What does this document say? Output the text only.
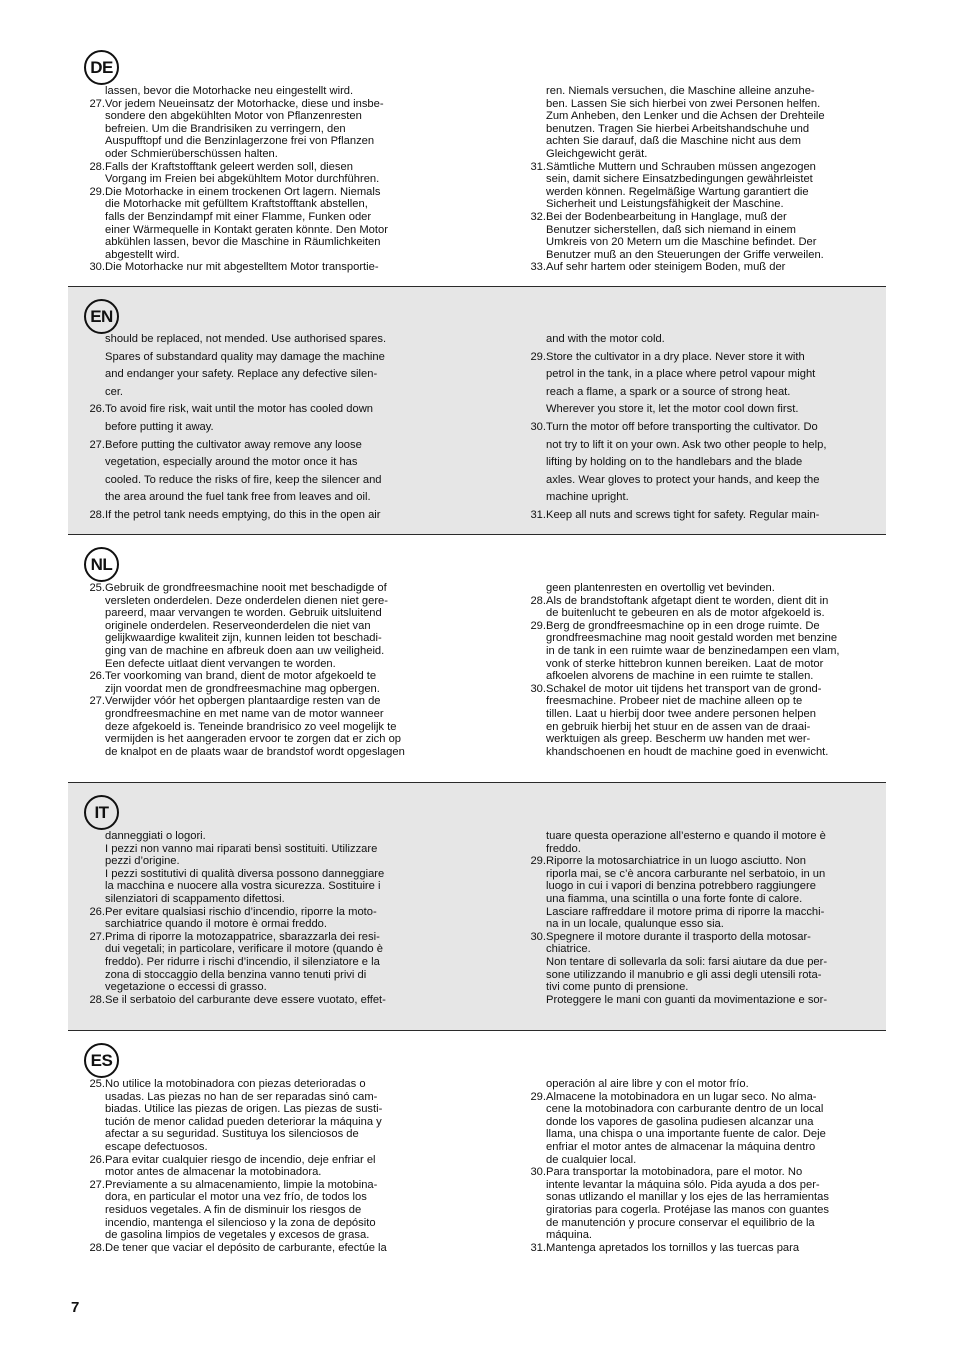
DE
lassen, bevor die Motorhacke neu eingestellt wird.
27. Vor jedem Neueinsatz der Motorhacke, diese und insbe-
sondere den abgekühlten Motor von Pflanzenresten
befreien. Um die Brandrisiken zu verringern, den
Auspufftopf und die Benzinlagerzone frei von Pflanzen
oder Schmierüberschüssen halten.
28. Falls der Kraftstofftank geleert werden soll, diesen
Vorgang im Freien bei abgekühltem Motor durchführen.
29. Die Motorhacke in einem trockenen Ort lagern. Niemals
die Motorhacke mit gefülltem Kraftstofftank abstellen,
falls der Benzindampf mit einer Flamme, Funken oder
einer Wärmequelle in Kontakt geraten könnte. Den Motor
abkühlen lassen, bevor die Maschine in Räumlichkeiten
abgestellt wird.
30. Die Motorhacke nur mit abgestelltem Motor transportie-
ren. Niemals versuchen, die Maschine alleine anzuhe-
ben. Lassen Sie sich hierbei von zwei Personen helfen.
Zum Anheben, den Lenker und die Achsen der Drehteile
benutzen. Tragen Sie hierbei Arbeitshandschuhe und
achten Sie darauf, daß die Maschine nicht aus dem
Gleichgewicht gerät.
31. Sämtliche Muttern und Schrauben müssen angezogen
sein, damit sichere Einsatzbedingungen gewährleistet
werden können. Regelmäßige Wartung garantiert die
Sicherheit und Leistungsfähigkeit der Maschine.
32. Bei der Bodenbearbeitung in Hanglage, muß der
Benutzer sicherstellen, daß sich niemand in einem
Umkreis von 20 Metern um die Maschine befindet. Der
Benutzer muß an den Steuerungen der Griffe verweilen.
33. Auf sehr hartem oder steinigem Boden, muß der
EN
should be replaced, not mended. Use authorised spares.
Spares of substandard quality may damage the machine
and endanger your safety. Replace any defective silen-
cer.
26. To avoid fire risk, wait until the motor has cooled down
before putting it away.
27. Before putting the cultivator away remove any loose
vegetation, especially around the motor once it has
cooled. To reduce the risks of fire, keep the silencer and
the area around the fuel tank free from leaves and oil.
28. If the petrol tank needs emptying, do this in the open air
and with the motor cold.
29. Store the cultivator in a dry place. Never store it with
petrol in the tank, in a place where petrol vapour might
reach a flame, a spark or a source of strong heat.
Wherever you store it, let the motor cool down first.
30. Turn the motor off before transporting the cultivator. Do
not try to lift it on your own. Ask two other people to help,
lifting by holding on to the handlebars and the blade
axles. Wear gloves to protect your hands, and keep the
machine upright.
31. Keep all nuts and screws tight for safety. Regular main-
NL
25. Gebruik de grondfreesmachine nooit met beschadigde of
versleten onderdelen. Deze onderdelen dienen niet gere-
pareerd, maar vervangen te worden. Gebruik uitsluitend
originele onderdelen. Reserveonderdelen die niet van
gelijkwaardige kwaliteit zijn, kunnen leiden tot beschadi-
ging van de machine en afbreuk doen aan uw veiligheid.
Een defecte uitlaat dient vervangen te worden.
26. Ter voorkoming van brand, dient de motor afgekoeld te
zijn voordat men de grondfreesmachine mag opbergen.
27. Verwijder vóór het opbergen plantaardige resten van de
grondfreesmachine en met name van de motor wanneer
deze afgekoeld is. Teneinde brandrisico zo veel mogelijk te
vermijden is het aangeraden ervoor te zorgen dat er zich op
de knalpot en de plaats waar de brandstof wordt opgeslagen
geen plantenresten en overtollig vet bevinden.
28. Als de brandstoftank afgetapt dient te worden, dient dit in
de buitenlucht te gebeuren en als de motor afgekoeld is.
29. Berg de grondfreesmachine op in een droge ruimte. De
grondfreesmachine mag nooit gestald worden met benzine
in de tank in een ruimte waar de benzinedampen een vlam,
vonk of sterke hittebron kunnen bereiken. Laat de motor
afkoelen alvorens de machine in een ruimte te stallen.
30. Schakel de motor uit tijdens het transport van de grond-
freesmachine. Probeer niet de machine alleen op te
tillen. Laat u hierbij door twee andere personen helpen
en gebruik hierbij het stuur en de assen van de draai-
werktuigen als greep. Bescherm uw handen met wer-
khandschoenen en houdt de machine goed in evenwicht.
IT
danneggiati o logori.
I pezzi non vanno mai riparati bensì sostituiti. Utilizzare
pezzi d’origine.
I pezzi sostitutivi di qualità diversa possono danneggiare
la macchina e nuocere alla vostra sicurezza. Sostituire i
silenziatori di scappamento difettosi.
26. Per evitare qualsiasi rischio d’incendio, riporre la moto-
sarchiatrice quando il motore è ormai freddo.
27. Prima di riporre la motozappatrice, sbarazzarla dei resi-
dui vegetali; in particolare, verificare il motore (quando è
freddo). Per ridurre i rischi d’incendio, il silenziatore e la
zona di stoccaggio della benzina vanno tenuti privi di
vegetazione o eccessi di grasso.
28. Se il serbatoio del carburante deve essere vuotato, effet-
tuare questa operazione all’esterno e quando il motore è
freddo.
29. Riporre la motosarchiatrice in un luogo asciutto. Non
riporla mai, se c’è ancora carburante nel serbatoio, in un
luogo in cui i vapori di benzina potrebbero raggiungere
una fiamma, una scintilla o una forte fonte di calore.
Lasciare raffreddare il motore prima di riporre la macchi-
na in un locale, qualunque esso sia.
30. Spegnere il motore durante il trasporto della motosar-
chiatrice.
Non tentare di sollevarla da soli: farsi aiutare da due per-
sone utilizzando il manubrio e gli assi degli utensili rota-
tivi come punto di prensione.
Proteggere le mani con guanti da movimentazione e sor-
ES
25. No utilice la motobinadora con piezas deterioradas o
usadas. Las piezas no han de ser reparadas sinó cam-
biadas. Utilice las piezas de origen. Las piezas de susti-
tución de menor calidad pueden deteriorar la máquina y
afectar a su seguridad. Sustituya los silenciosos de
escape defectuosos.
26. Para evitar cualquier riesgo de incendio, deje enfriar el
motor antes de almacenar la motobinadora.
27. Previamente a su almacenamiento, limpie la motobina-
dora, en particular el motor una vez frío, de todos los
residuos vegetales. A fin de disminuir los riesgos de
incendio, mantenga el silencioso y la zona de depósito
de gasolina limpios de vegetales y excesos de grasa.
28. De tener que vaciar el depósito de carburante, efectúe la
operación al aire libre y con el motor frío.
29. Almacene la motobinadora en un lugar seco. No alma-
cene la motobinadora con carburante dentro de un local
donde los vapores de gasolina pudiesen alcanzar una
llama, una chispa o una importante fuente de calor. Deje
enfriar el motor antes de almacenar la máquina dentro
de cualquier local.
30. Para transportar la motobinadora, pare el motor. No
intente levantar la máquina sólo. Pida ayuda a dos per-
sonas utlizando el manillar y los ejes de las herramientas
giratorias para cogerla. Protéjase las manos con guantes
de manutención y procure conservar el equilibrio de la
máquina.
31. Mantenga apretados los tornillos y las tuercas para
7
